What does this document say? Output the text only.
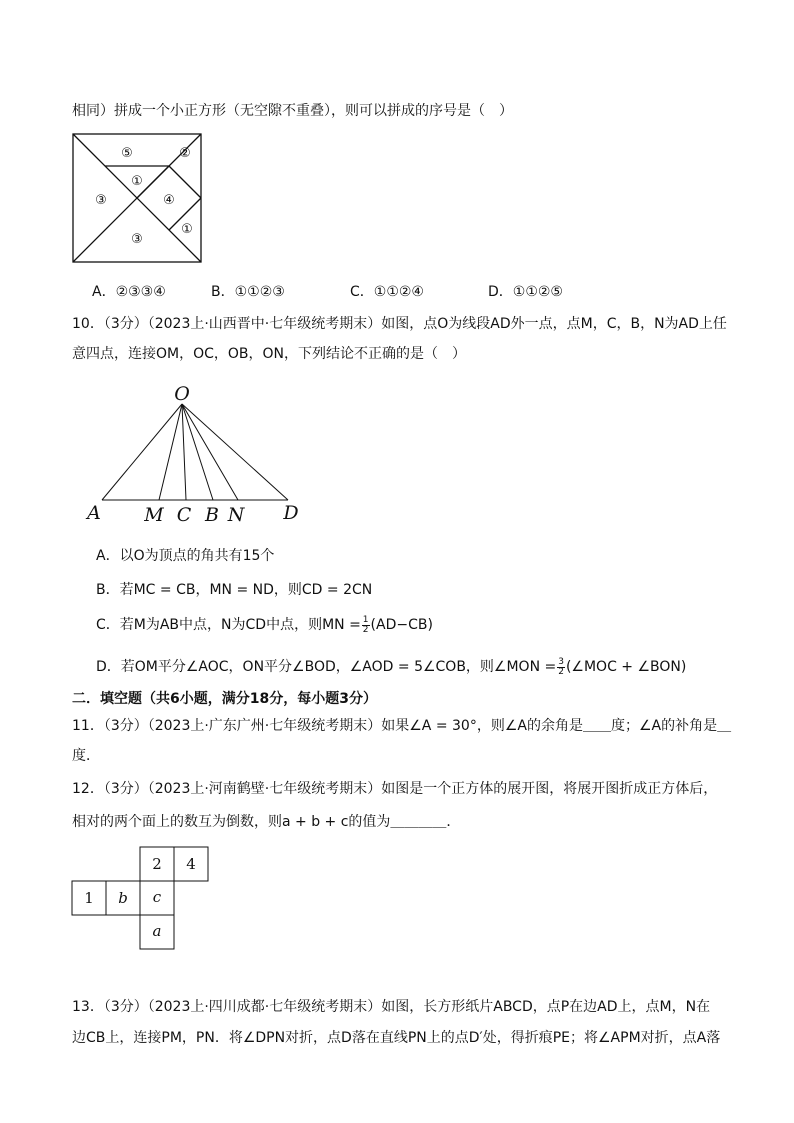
相同）拼成一个小正方形（无空隙不重叠），则可以拼成的序号是（　）
⑤	②
①
③	④
③
①
A．②③③④	B．①①②③	C．①①②④	D．①①②⑤
10．（3分）（2023上·山西晋中·七年级统考期末）如图，点O为线段AD外一点，点M，C，B，N为AD上任
意四点，连接OM，OC，OB，ON，下列结论不正确的是（　）
O
A M C B N D
A．以O为顶点的角共有15个
B．若MC = CB，MN = ND，则CD = 2CN
C．若M为AB中点，N为CD中点，则MN = $\frac{1}{2} (AD-CB)$
D．若OM平分∠AOC，ON平分∠BOD，∠AOD = 5∠COB，则∠MON = $\frac{3}{2}$ (∠MOC + ∠BON)
二．填空题（共6小题，满分18分，每小题3分）
11．（3分）（2023上·广东广州·七年级统考期末）如果∠A = 30°，则∠A的余角是＿＿度；∠A的补角是＿
度．
12．（3分）（2023上·河南鹤壁·七年级统考期末）如图是一个正方体的展开图，将展开图折成正方体后，
相对的两个面上的数互为倒数，则a + b + c的值为＿＿＿＿．
2 4
1 b c
a
13．（3分）（2023上·四川成都·七年级统考期末）如图，长方形纸片ABCD，点P在边AD上，点M，N在
边CB上，连接PM，PN．将∠DPN对折，点D落在直线PN上的点D′处，得折痕PE；将∠APM对折，点A落
